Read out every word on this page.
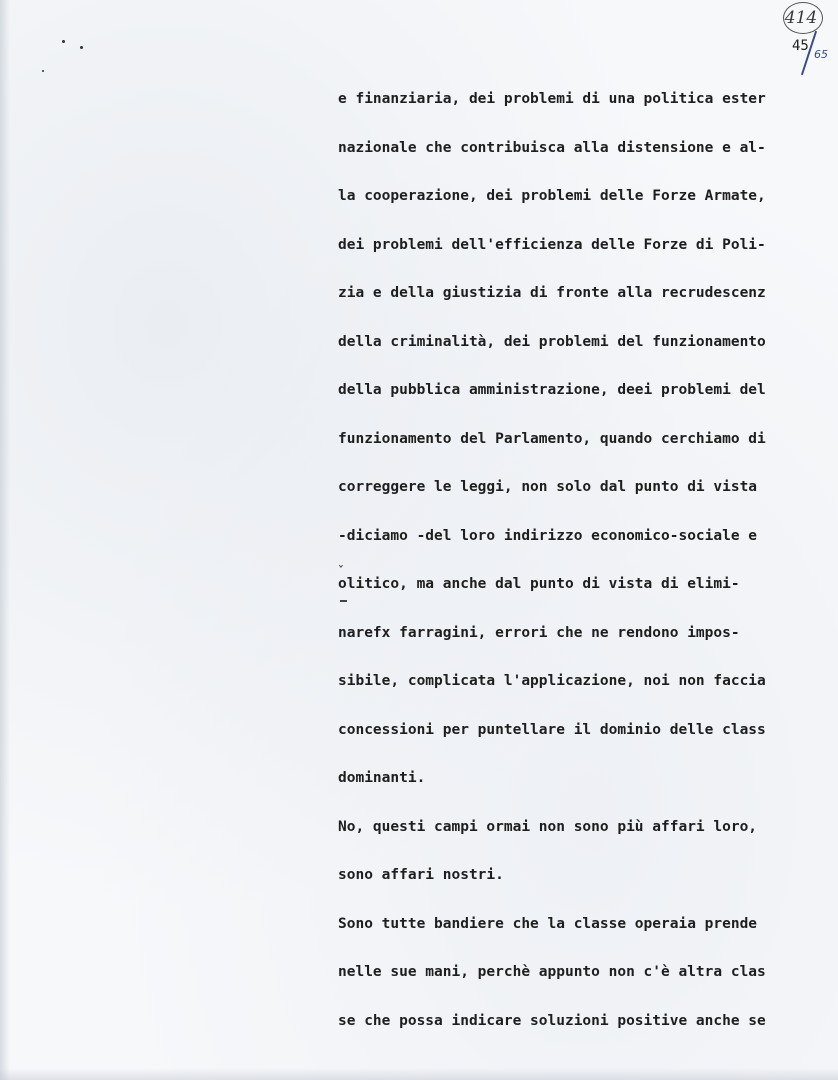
414
45
65
ˇ
e finanziaria, dei problemi di una politica ester
nazionale che contribuisca alla distensione e al-
la cooperazione, dei problemi delle Forze Armate,
dei problemi dell'efficienza delle Forze di Poli-
zia e della giustizia di fronte alla recrudescenz
della criminalità, dei problemi del funzionamento
della pubblica amministrazione, deei problemi del
funzionamento del Parlamento, quando cerchiamo di
correggere le leggi, non solo dal punto di vista
-diciamo -del loro indirizzo economico-sociale e
olitico, ma anche dal punto di vista di elimi-
narefx farragini, errori che ne rendono impos-
sibile, complicata l'applicazione, noi non faccia
concessioni per puntellare il dominio delle class
dominanti.
No, questi campi ormai non sono più affari loro,
sono affari nostri.
Sono tutte bandiere che la classe operaia prende
nelle sue mani, perchè appunto non c'è altra clas
se che possa indicare soluzioni positive anche se
